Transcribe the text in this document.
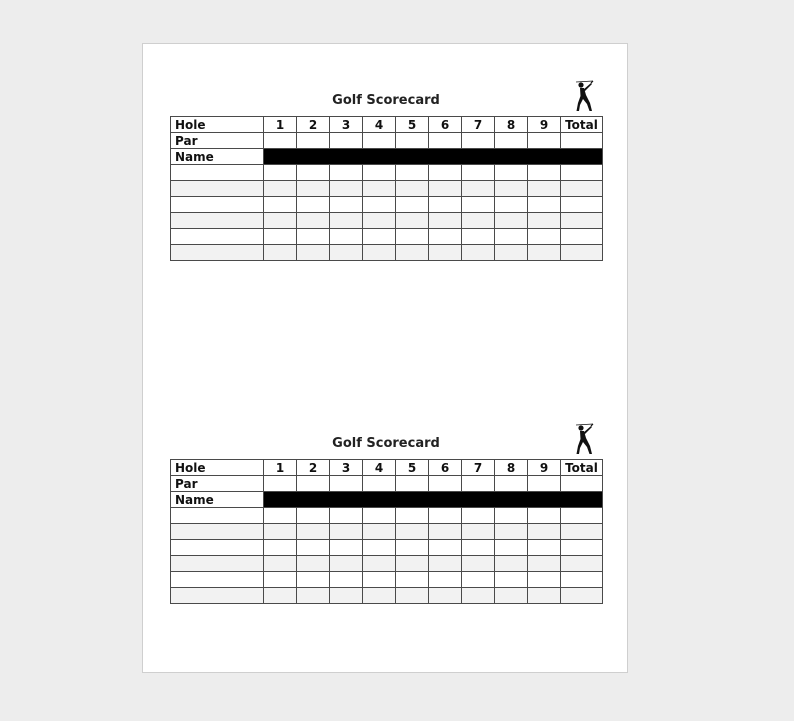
Golf Scorecard
Hole	1	2	3	4	5	6	7	8	9	Total
Par										
Name										

Golf Scorecard
Hole	1	2	3	4	5	6	7	8	9	Total
Par										
Name										
